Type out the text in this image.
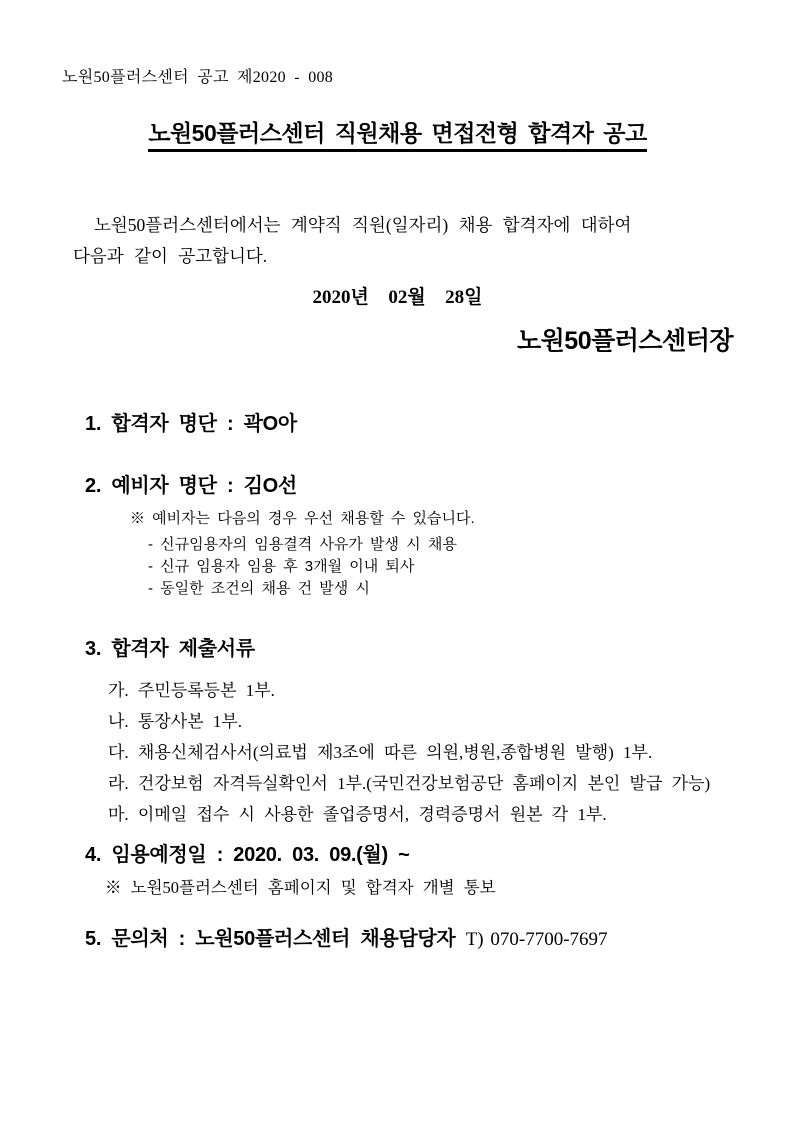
노원50플러스센터 공고 제2020 - 008
노원50플러스센터 직원채용 면접전형 합격자 공고

노원50플러스센터에서는 계약직 직원(일자리) 채용 합격자에 대하여
다음과 같이 공고합니다.

2020년  02월  28일
노원50플러스센터장
1. 합격자 명단 : 곽O아
2. 예비자 명단 : 김O선
※ 예비자는 다음의 경우 우선 채용할 수 있습니다.
- 신규임용자의 임용결격 사유가 발생 시 채용
- 신규 임용자 임용 후 3개월 이내 퇴사
- 동일한 조건의 채용 건 발생 시
3. 합격자 제출서류
가. 주민등록등본 1부.
나. 통장사본 1부.
다. 채용신체검사서(의료법 제3조에 따른 의원,병원,종합병원 발행) 1부.
라. 건강보험 자격득실확인서 1부.(국민건강보험공단 홈페이지 본인 발급 가능)
마. 이메일 접수 시 사용한 졸업증명서, 경력증명서 원본 각 1부.
4. 임용예정일 : 2020. 03. 09.(월) ~
※ 노원50플러스센터 홈페이지 및 합격자 개별 통보
5. 문의처 : 노원50플러스센터 채용담당자 T) 070-7700-7697
